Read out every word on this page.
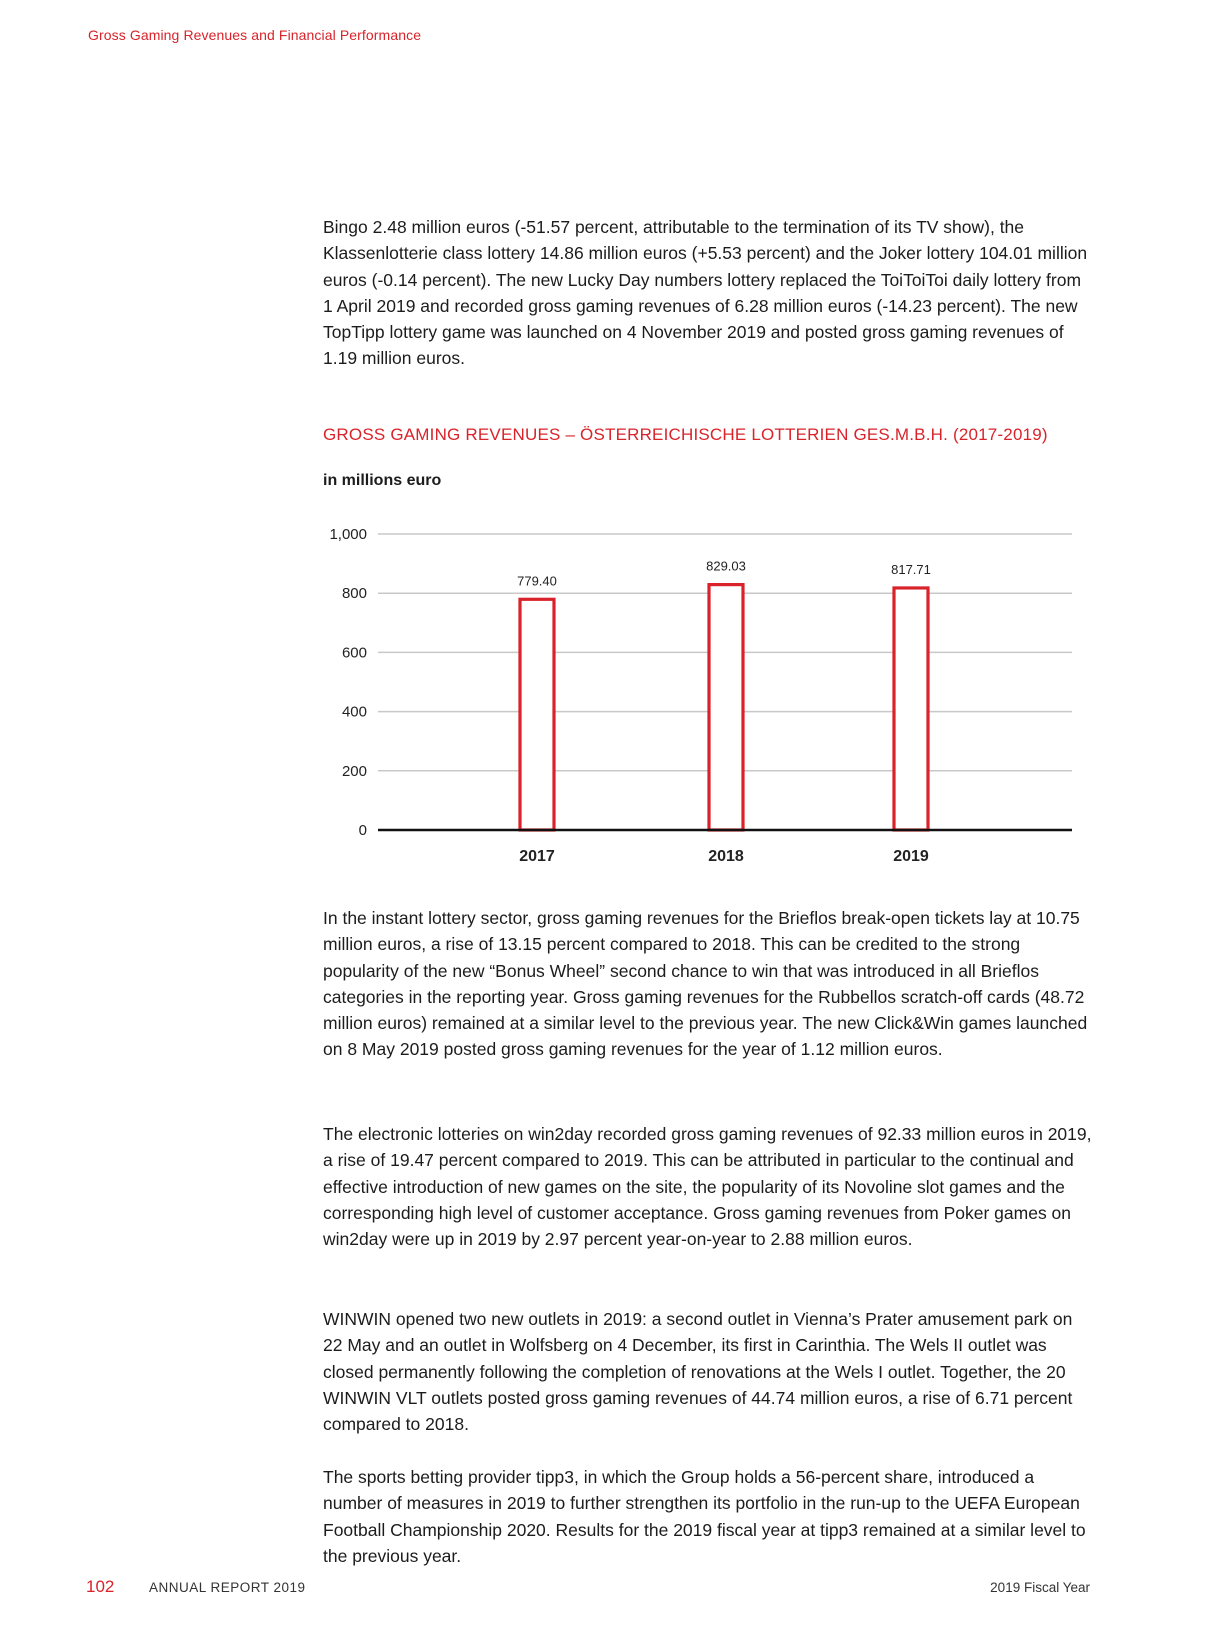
Gross Gaming Revenues and Financial Performance

Bingo 2.48 million euros (-51.57 percent, attributable to the termination of its TV show), the Klassenlotterie class lottery 14.86 million euros (+5.53 percent) and the Joker lottery 104.01 million euros (-0.14 percent). The new Lucky Day numbers lottery replaced the ToiToiToi daily lottery from 1 April 2019 and recorded gross gaming revenues of 6.28 million euros (-14.23 percent). The new TopTipp lottery game was launched on 4 November 2019 and posted gross gaming revenues of 1.19 million euros.

GROSS GAMING REVENUES – ÖSTERREICHISCHE LOTTERIEN GES.M.B.H. (2017-2019)
in millions euro
0
200
400
600
800
1,000
779.40
2017
829.03
2018
817.71
2019

In the instant lottery sector, gross gaming revenues for the Brieflos break-open tickets lay at 10.75 million euros, a rise of 13.15 percent compared to 2018. This can be credited to the strong popularity of the new “Bonus Wheel” second chance to win that was introduced in all Brieflos categories in the reporting year. Gross gaming revenues for the Rubbellos scratch-off cards (48.72 million euros) remained at a similar level to the previous year. The new Click&Win games launched on 8 May 2019 posted gross gaming revenues for the year of 1.12 million euros.

The electronic lotteries on win2day recorded gross gaming revenues of 92.33 million euros in 2019, a rise of 19.47 percent compared to 2019. This can be attributed in particular to the continual and effective introduction of new games on the site, the popularity of its Novoline slot games and the corresponding high level of customer acceptance. Gross gaming revenues from Poker games on win2day were up in 2019 by 2.97 percent year-on-year to 2.88 million euros.

WINWIN opened two new outlets in 2019: a second outlet in Vienna’s Prater amusement park on 22 May and an outlet in Wolfsberg on 4 December, its first in Carinthia. The Wels II outlet was closed permanently following the completion of renovations at the Wels I outlet. Together, the 20 WINWIN VLT outlets posted gross gaming revenues of 44.74 million euros, a rise of 6.71 percent compared to 2018.

The sports betting provider tipp3, in which the Group holds a 56-percent share, introduced a number of measures in 2019 to further strengthen its portfolio in the run-up to the UEFA European Football Championship 2020. Results for the 2019 fiscal year at tipp3 remained at a similar level to the previous year.

102	ANNUAL REPORT 2019	2019 Fiscal Year
